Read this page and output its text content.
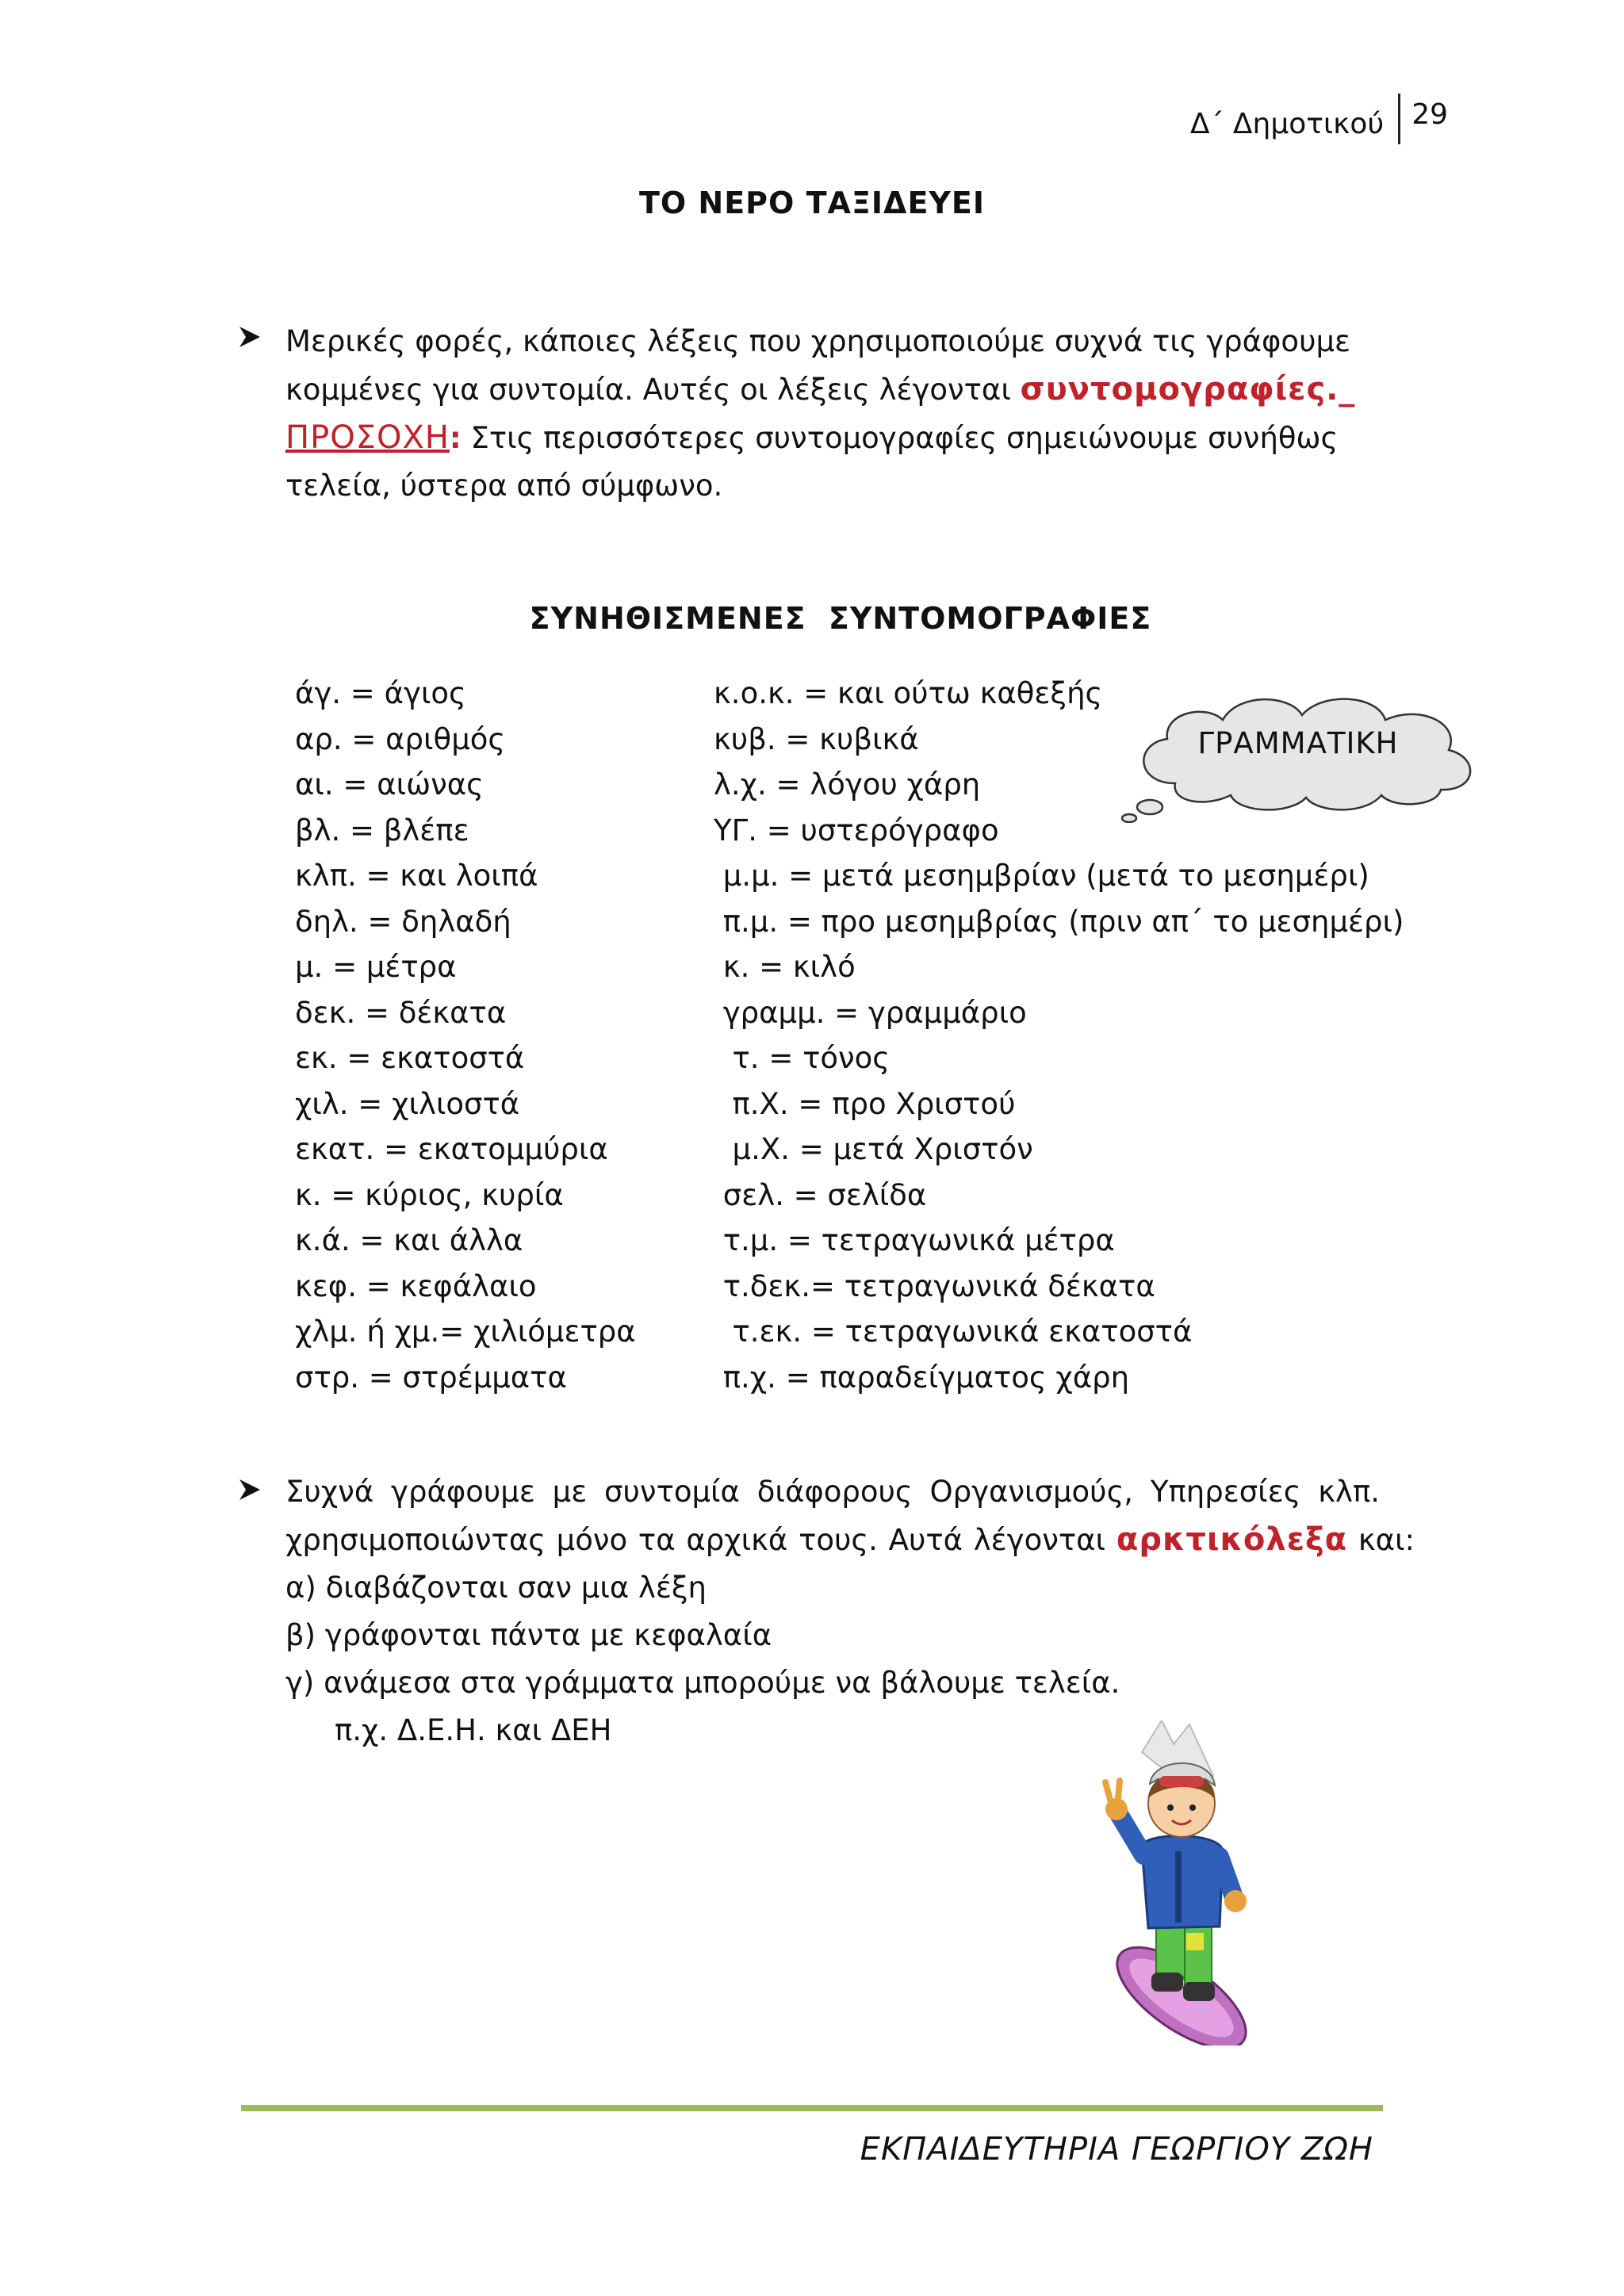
Δ΄ Δημοτικού 29
ΤΟ ΝΕΡΟ ΤΑΞΙΔΕΥΕΙ
Μερικές φορές, κάποιες λέξεις που χρησιμοποιούμε συχνά τις γράφουμε
κομμένες για συντομία. Αυτές οι λέξεις λέγονται συντομογραφίες._
ΠΡΟΣΟΧΗ: Στις περισσότερες συντομογραφίες σημειώνουμε συνήθως
τελεία, ύστερα από σύμφωνο.
ΣΥΝΗΘΙΣΜΕΝΕΣ ΣΥΝΤΟΜΟΓΡΑΦΙΕΣ
άγ. = άγιος
αρ. = αριθμός
αι. = αιώνας
βλ. = βλέπε
κλπ. = και λοιπά
δηλ. = δηλαδή
μ. = μέτρα
δεκ. = δέκατα
εκ. = εκατοστά
χιλ. = χιλιοστά
εκατ. = εκατομμύρια
κ. = κύριος, κυρία
κ.ά. = και άλλα
κεφ. = κεφάλαιο
χλμ. ή χμ.= χιλιόμετρα
στρ. = στρέμματα
κ.ο.κ. = και ούτω καθεξής
κυβ. = κυβικά
λ.χ. = λόγου χάρη
ΥΓ. = υστερόγραφο
μ.μ. = μετά μεσημβρίαν (μετά το μεσημέρι)
π.μ. = προ μεσημβρίας (πριν απ΄ το μεσημέρι)
κ. = κιλό
γραμμ. = γραμμάριο
τ. = τόνος
π.Χ. = προ Χριστού
μ.Χ. = μετά Χριστόν
σελ. = σελίδα
τ.μ. = τετραγωνικά μέτρα
τ.δεκ.= τετραγωνικά δέκατα
τ.εκ. = τετραγωνικά εκατοστά
π.χ. = παραδείγματος χάρη
ΓΡΑΜΜΑΤΙΚΗ
Συχνά γράφουμε με συντομία διάφορους Οργανισμούς, Υπηρεσίες κλπ.
χρησιμοποιώντας μόνο τα αρχικά τους. Αυτά λέγονται αρκτικόλεξα και:
α) διαβάζονται σαν μια λέξη
β) γράφονται πάντα με κεφαλαία
γ) ανάμεσα στα γράμματα μπορούμε να βάλουμε τελεία.
π.χ. Δ.Ε.Η. και ΔΕΗ
ΕΚΠΑΙΔΕΥΤΗΡΙΑ ΓΕΩΡΓΙΟΥ ΖΩΗ
